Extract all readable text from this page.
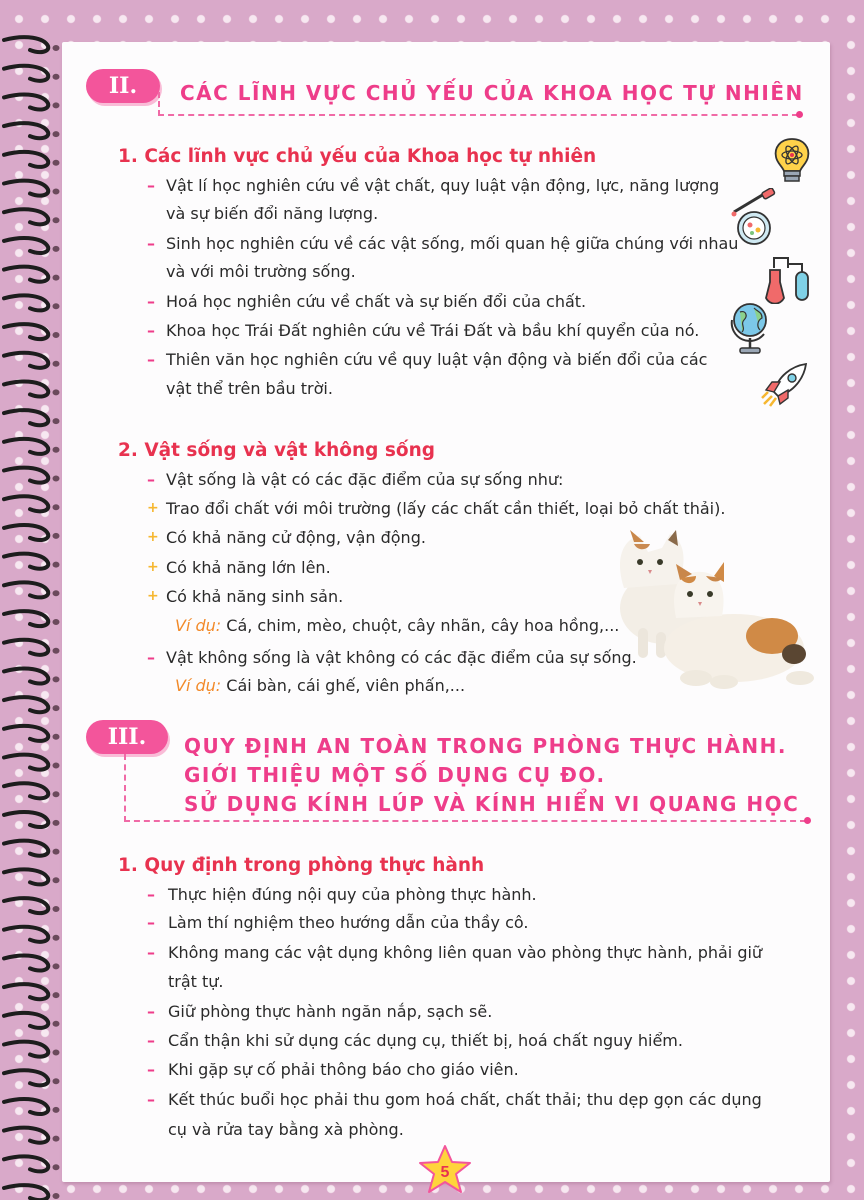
II.	CÁC LĨNH VỰC CHỦ YẾU CỦA KHOA HỌC TỰ NHIÊN
1. Các lĩnh vực chủ yếu của Khoa học tự nhiên
– Vật lí học nghiên cứu về vật chất, quy luật vận động, lực, năng lượng
và sự biến đổi năng lượng.
– Sinh học nghiên cứu về các vật sống, mối quan hệ giữa chúng với nhau
và với môi trường sống.
– Hoá học nghiên cứu về chất và sự biến đổi của chất.
– Khoa học Trái Đất nghiên cứu về Trái Đất và bầu khí quyển của nó.
– Thiên văn học nghiên cứu về quy luật vận động và biến đổi của các
vật thể trên bầu trời.
2. Vật sống và vật không sống
– Vật sống là vật có các đặc điểm của sự sống như:
+ Trao đổi chất với môi trường (lấy các chất cần thiết, loại bỏ chất thải).
+ Có khả năng cử động, vận động.
+ Có khả năng lớn lên.
+ Có khả năng sinh sản.
Ví dụ: Cá, chim, mèo, chuột, cây nhãn, cây hoa hồng,...
– Vật không sống là vật không có các đặc điểm của sự sống.
Ví dụ: Cái bàn, cái ghế, viên phấn,...
III.	QUY ĐỊNH AN TOÀN TRONG PHÒNG THỰC HÀNH.
GIỚI THIỆU MỘT SỐ DỤNG CỤ ĐO.
SỬ DỤNG KÍNH LÚP VÀ KÍNH HIỂN VI QUANG HỌC
1. Quy định trong phòng thực hành
– Thực hiện đúng nội quy của phòng thực hành.
– Làm thí nghiệm theo hướng dẫn của thầy cô.
– Không mang các vật dụng không liên quan vào phòng thực hành, phải giữ
trật tự.
– Giữ phòng thực hành ngăn nắp, sạch sẽ.
– Cẩn thận khi sử dụng các dụng cụ, thiết bị, hoá chất nguy hiểm.
– Khi gặp sự cố phải thông báo cho giáo viên.
– Kết thúc buổi học phải thu gom hoá chất, chất thải; thu dẹp gọn các dụng
cụ và rửa tay bằng xà phòng.
5
